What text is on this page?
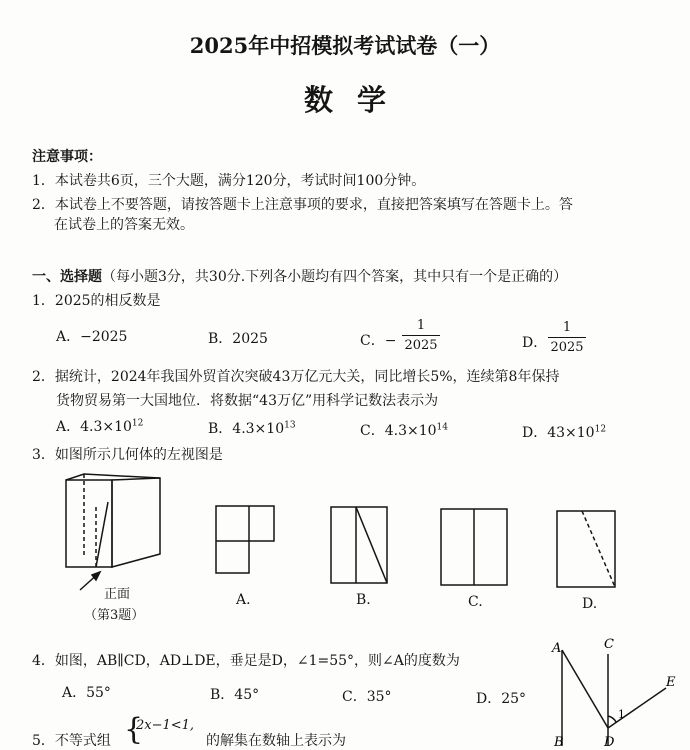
2025年中招模拟考试试卷（一）
数学
注意事项：
1．本试卷共6页，三个大题，满分120分，考试时间100分钟。
2．本试卷上不要答题，请按答题卡上注意事项的要求，直接把答案填写在答题卡上。答
在试卷上的答案无效。
一、选择题（每小题3分，共30分.下列各小题均有四个答案，其中只有一个是正确的）
1．2025的相反数是
A．−2025	B．2025	C．−
1
2025	D．
1
2025
2．据统计，2024年我国外贸首次突破43万亿元大关，同比增长5%，连续第8年保持
货物贸易第一大国地位．将数据“43万亿”用科学记数法表示为
A．$4.3\times 10^{12}$	B．$4.3\times 10^{13}$	C．$4.3\times 10^{14}$	D．$43\times 10^{12}$
3．如图所示几何体的左视图是
正面
（第3题）
A.	B.	C.	D.
4．如图，AB∥CD，AD⊥DE，垂足是D，∠1=55°，则∠A的度数为
A．55°	B．45°	C．35°	D．25°
A	C
E
1
B	D
5．不等式组 {
2x−1<1,
的解集在数轴上表示为
